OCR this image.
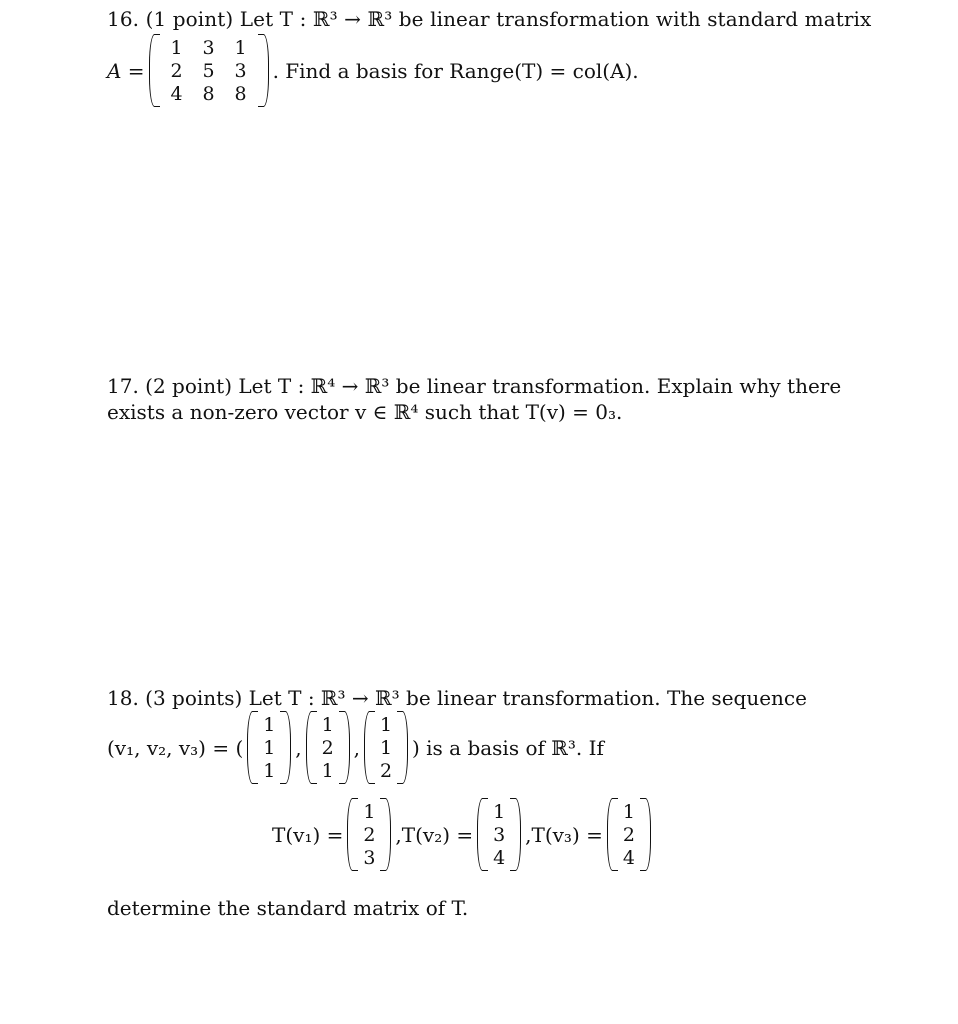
16. (1 point) Let T : ℝ³ → ℝ³ be linear transformation with standard matrix
A =
1	3	1
2	5	3
4	8	8
. Find a basis for Range(T) = col(A).
17. (2 point) Let T : ℝ⁴ → ℝ³ be linear transformation. Explain why there
exists a non-zero vector v ∈ ℝ⁴ such that T(v) = 0₃.
18. (3 points) Let T : ℝ³ → ℝ³ be linear transformation. The sequence
(v₁, v₂, v₃) = (
1
1
1
,
1
2
1
,
1
1
2
) is a basis of ℝ³. If
T(v₁) =
1
2
3
,T(v₂) =
1
3
4
,T(v₃) =
1
2
4
determine the standard matrix of T.
